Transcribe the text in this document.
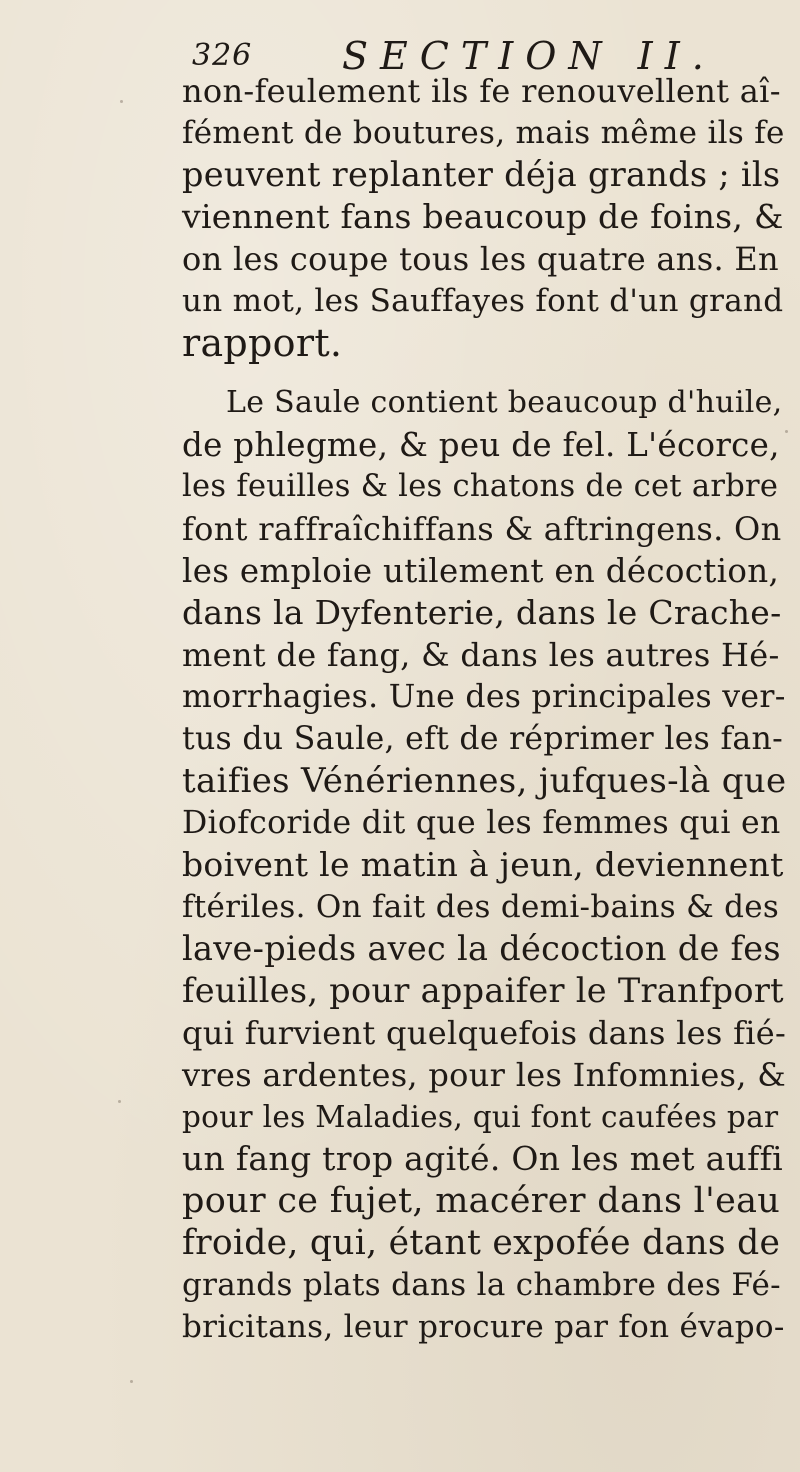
326 SECTION II.
non-feulement ils fe renouvellent aî-
fément de boutures, mais même ils fe
peuvent replanter déja grands ; ils
viennent fans beaucoup de foins, &
on les coupe tous les quatre ans. En
un mot, les Sauffayes font d'un grand
rapport.
Le Saule contient beaucoup d'huile,
de phlegme, & peu de fel. L'écorce,
les feuilles & les chatons de cet arbre
font raffraîchiffans & aftringens. On
les emploie utilement en décoction,
dans la Dyfenterie, dans le Crache-
ment de fang, & dans les autres Hé-
morrhagies. Une des principales ver-
tus du Saule, eft de réprimer les fan-
taifies Vénériennes, jufques-là que
Diofcoride dit que les femmes qui en
boivent le matin à jeun, deviennent
ftériles. On fait des demi-bains & des
lave-pieds avec la décoction de fes
feuilles, pour appaifer le Tranfport
qui furvient quelquefois dans les fié-
vres ardentes, pour les Infomnies, &
pour les Maladies, qui font caufées par
un fang trop agité. On les met auffi
pour ce fujet, macérer dans l'eau
froide, qui, étant expofée dans de
grands plats dans la chambre des Fé-
bricitans, leur procure par fon évapo-
